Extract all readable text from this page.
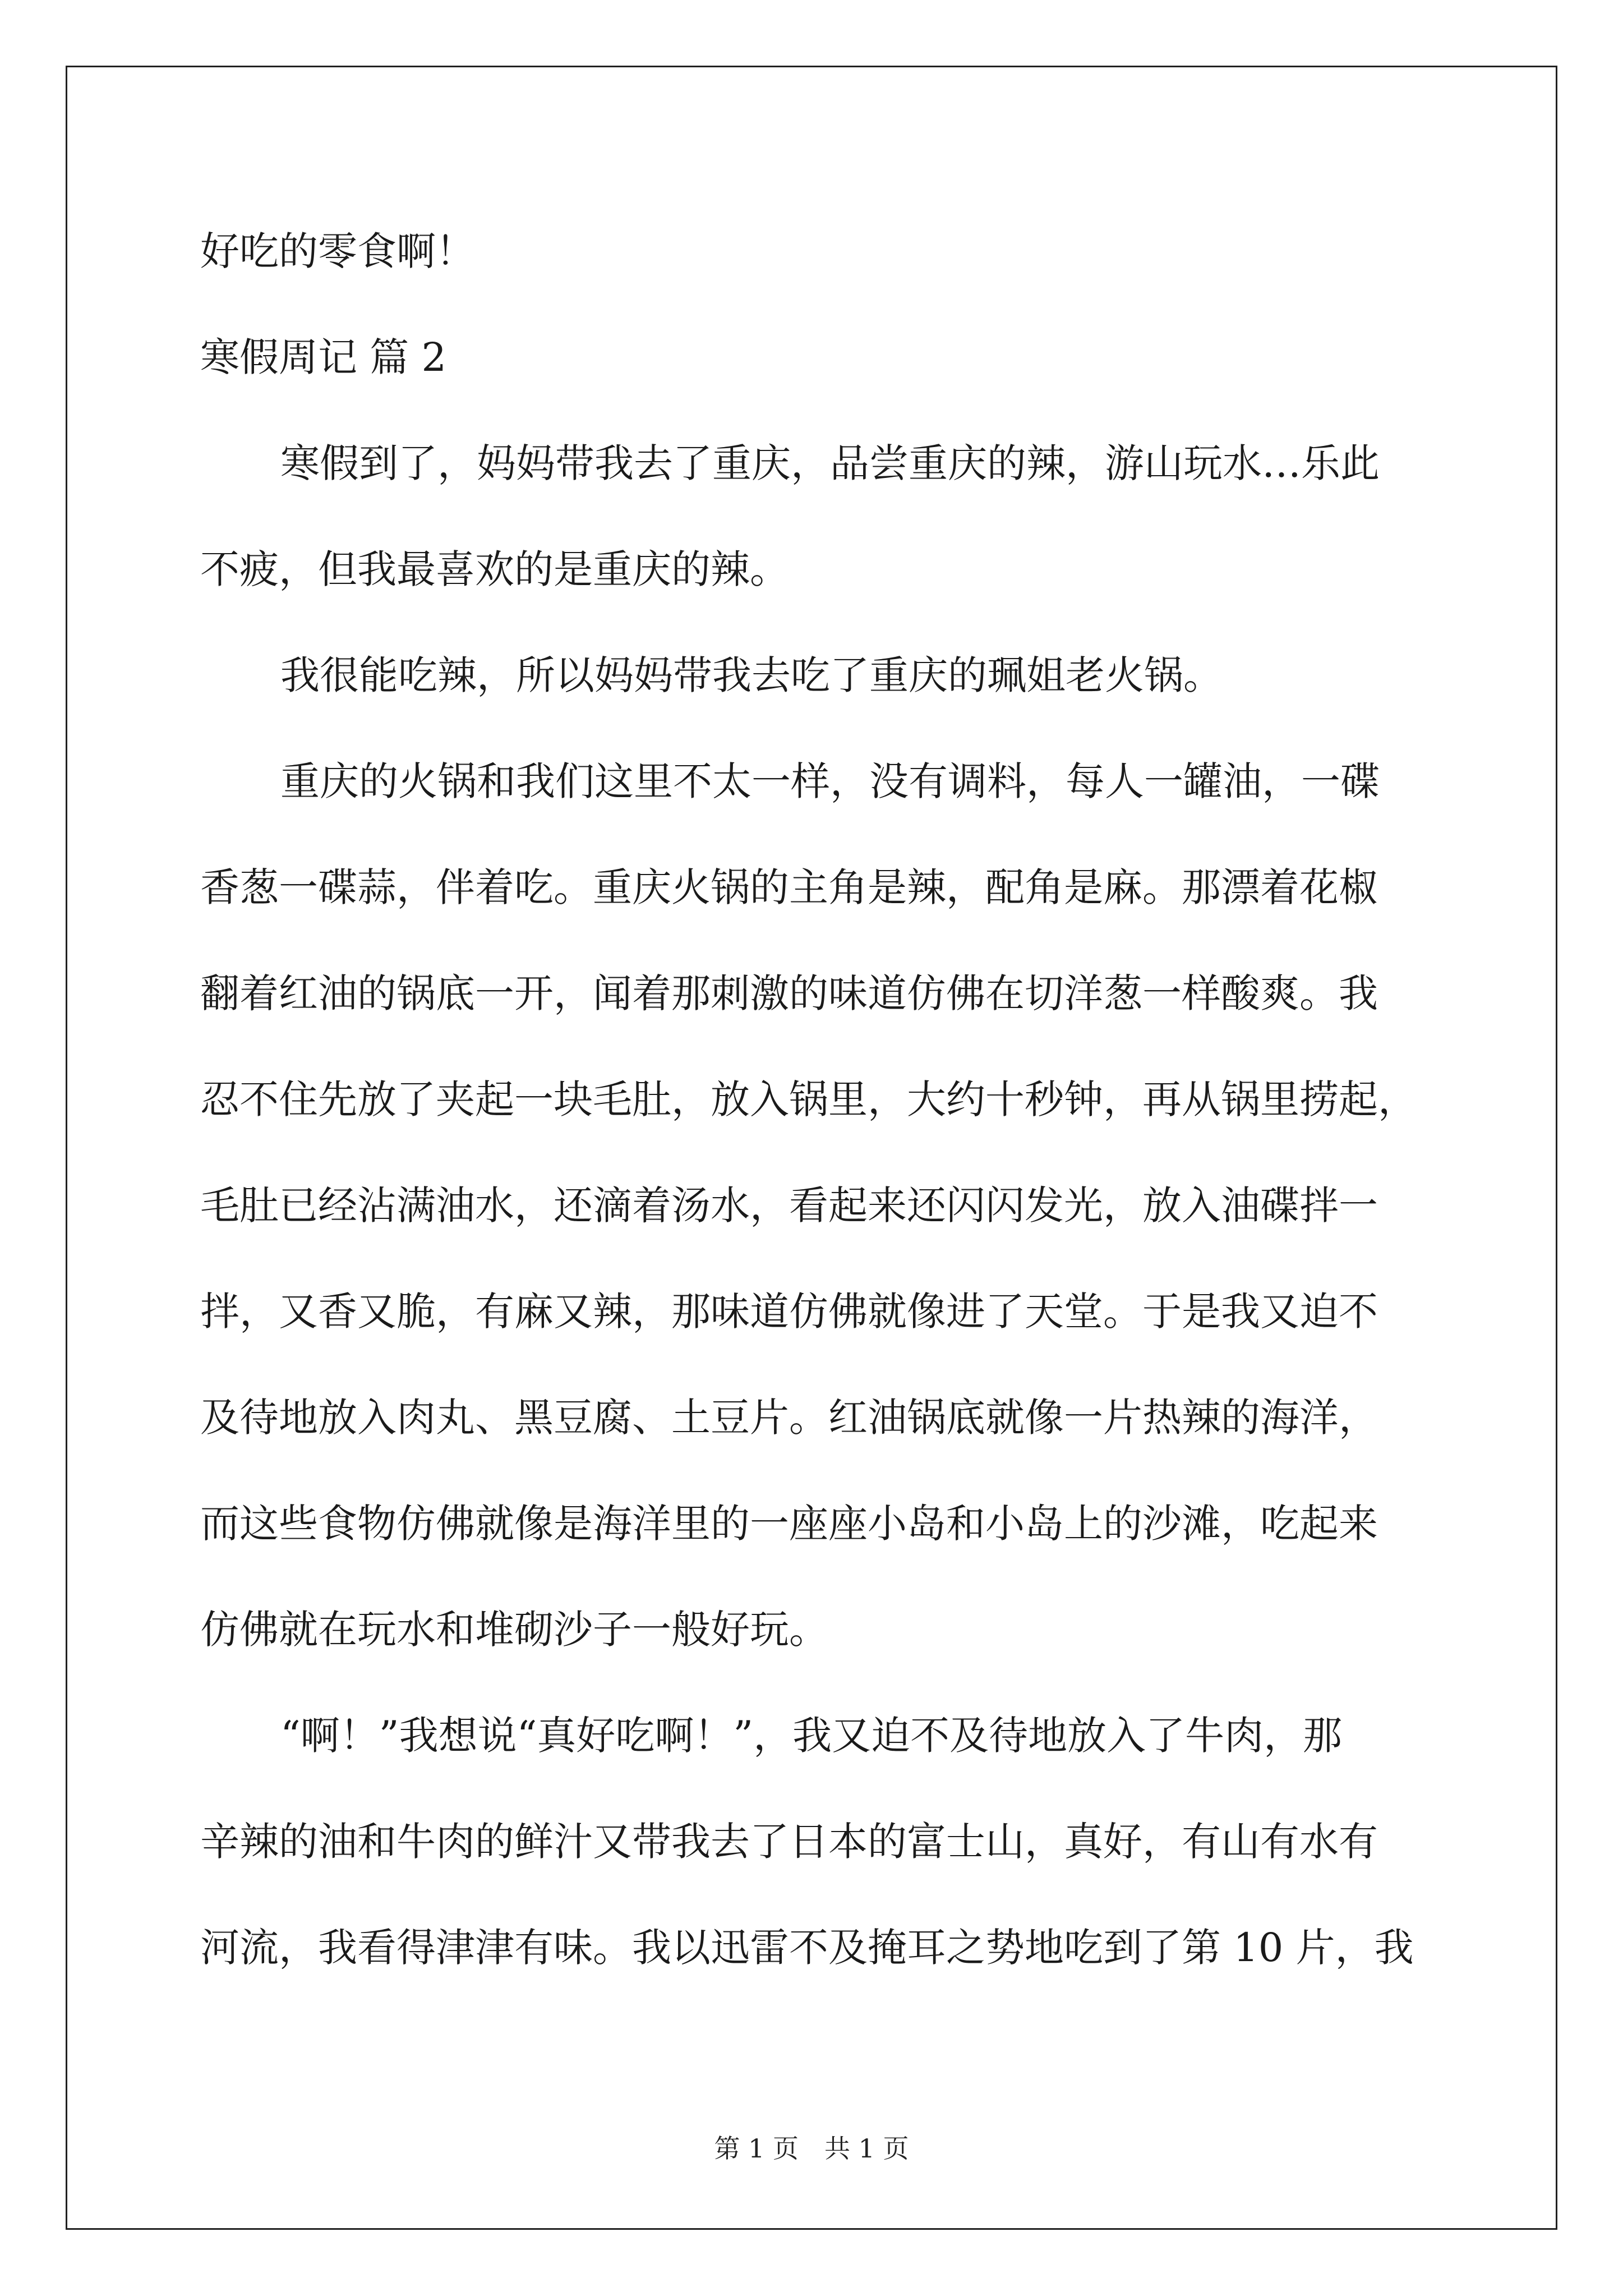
好吃的零食啊！

寒假周记 篇 2

寒假到了，妈妈带我去了重庆，品尝重庆的辣，游山玩水…乐此

不疲，但我最喜欢的是重庆的辣。

我很能吃辣，所以妈妈带我去吃了重庆的珮姐老火锅。

重庆的火锅和我们这里不太一样，没有调料，每人一罐油，一碟

香葱一碟蒜，伴着吃。重庆火锅的主角是辣，配角是麻。那漂着花椒

翻着红油的锅底一开，闻着那刺激的味道仿佛在切洋葱一样酸爽。我

忍不住先放了夹起一块毛肚，放入锅里，大约十秒钟，再从锅里捞起，

毛肚已经沾满油水，还滴着汤水，看起来还闪闪发光，放入油碟拌一

拌，又香又脆，有麻又辣，那味道仿佛就像进了天堂。于是我又迫不

及待地放入肉丸、黑豆腐、土豆片。红油锅底就像一片热辣的海洋，

而这些食物仿佛就像是海洋里的一座座小岛和小岛上的沙滩，吃起来

仿佛就在玩水和堆砌沙子一般好玩。

“啊！”我想说“真好吃啊！”，我又迫不及待地放入了牛肉，那

辛辣的油和牛肉的鲜汁又带我去了日本的富士山，真好，有山有水有

河流，我看得津津有味。我以迅雷不及掩耳之势地吃到了第 10 片，我

第 1 页 共 1 页
